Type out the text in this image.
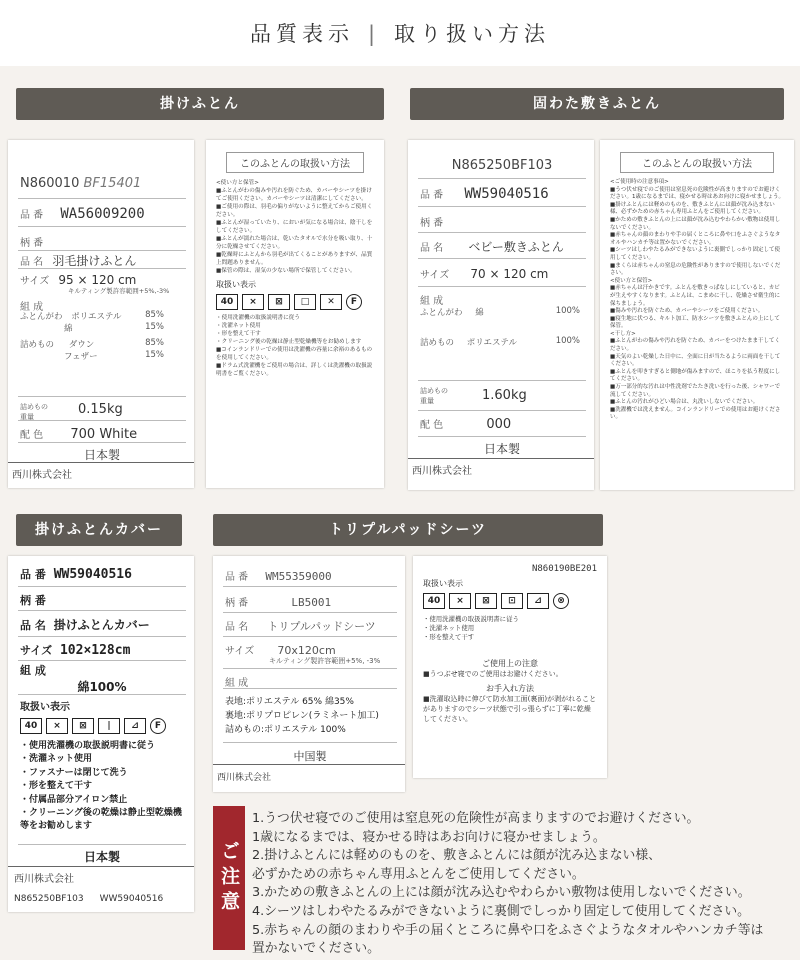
品質表示 | 取り扱い方法
掛けふとん	固わた敷きふとん
掛けふとんカバー	トリプルパッドシーツ
N860010 BF15401
品 番 WA56009200
柄 番
品 名 羽毛掛けふとん
サイズ 95 × 120 cm
キルティング製許容範囲+5%,-3%
組 成
ふとんがわ ポリエステル	85%
綿	15%
詰めもの ダウン	85%
フェザー	15%
詰めもの重量	0.15kg
配 色 700 White
日本製
西川株式会社
このふとんの取扱い方法
<使い方と保管>
■ふとんがわの傷みや汚れを防ぐため、カバーやシーツを掛けてご使用ください。カバーやシーツは清潔にしてください。
■ご使用の際は、羽毛の偏りがないように整えてからご使用ください。
■ふとんが湿っていたり、においが気になる場合は、陰干しをしてください。
■ふとんが濡れた場合は、乾いたタオルで水分を吸い取り、十分に乾燥させてください。
■乾燥時にふとんから羽毛が出てくることがありますが、品質上問題ありません。
■保管の際は、湿気の少ない場所で保管してください。
取扱い表示
40	×	⊠	□	✕	F
・使用洗濯機の取扱説明書に従う
・洗濯ネット使用
・形を整えて干す
・クリーニング後の乾燥は静止型乾燥機等をお勧めします
■コインランドリーでの使用は洗濯機の容量に余裕のあるものを使用してください。
■ドラム式洗濯機をご使用の場合は、詳しくは洗濯機の取扱説明書をご覧ください。
N865250BF103
品 番 WW59040516
柄 番
品 名 ベビー敷きふとん
サイズ 70 × 120 cm
組 成
ふとんがわ 綿	100%
詰めもの ポリエステル	100%
詰めもの重量	1.60kg
配 色	000
日本製
西川株式会社
このふとんの取扱い方法
<ご使用時の注意事項>
■うつ伏せ寝でのご使用は窒息死の危険性が高まりますのでお避けください。1歳になるまでは、寝かせる時はあお向けに寝かせましょう。
■掛けふとんには軽めのものを、敷きふとんには顔が沈み込まない様、必ずかための赤ちゃん専用ふとんをご使用してください。
■かための敷きふとんの上には顔が沈み込むやわらかい敷物は使用しないでください。
■赤ちゃんの顔のまわりや手の届くところに鼻や口をふさぐようなタオルやハンカチ等は置かないでください。
■シーツはしわやたるみができないように裏側でしっかり固定して使用してください。
■まくらは赤ちゃんの窒息の危険性がありますので使用しないでください。
<使い方と保管>
■赤ちゃんは汗かきです。ふとんを敷きっぱなしにしていると、カビが生えやすくなります。ふとんは、こまめに干し、乾燥させ衛生的に保ちましょう。
■傷みや汚れを防ぐため、カバーやシーツをご使用ください。
■寝生地に伏つる、キルト加工、防水シーツを敷きふとんの上にして保管。
<干し方>
■ふとんがわの傷みや汚れを防ぐため、カバーをつけたまま干してください。
■天気のよい乾燥した日中に、全面に日が当たるように両面を干してください。
■ふとんを叩きすぎると側地が傷みますので、ほこりを払う程度にしてください。
■万一部分的な汚れは中性洗剤でたたき洗いを行った後、シャワーで流してください。
■ふとんの汚れがひどい場合は、丸洗いしないでください。
■洗濯機では洗えません。コインランドリーでの使用はお避けください。
品 番 WW59040516
柄 番
品 名 掛けふとんカバー
サイズ 102×128cm
組 成
綿100%
取扱い表示
40	×	⊠	|	⊿	F
・使用洗濯機の取扱説明書に従う
・洗濯ネット使用
・ファスナーは閉じて洗う
・形を整えて干す
・付属品部分アイロン禁止
・クリーニング後の乾燥は静止型乾燥機等をお勧めします
日本製
西川株式会社
N865250BF103 WW59040516
品 番 WM55359000
柄 番	LB5001
品 名 トリプルパッドシーツ
サイズ 70x120cm
キルティング製許容範囲+5%, -3%
組 成
表地:ポリエステル 65% 綿35%
裏地:ポリプロピレン(ラミネート加工)
詰めもの:ポリエステル 100%
中国製
西川株式会社
N860190BE201
取扱い表示
40	×	⊠	⊡	⊿	⊗
・使用洗濯機の取扱説明書に従う
・洗濯ネット使用
・形を整えて干す
ご使用上の注意
■うつぶせ寝でのご使用はお避けください。
お手入れ方法
■洗濯取込時に伸びて防水加工面(裏面)が剥がれることがありますのでシーツ状態で引っ張らずに丁寧に乾燥してください。
ご注意
1.うつ伏せ寝でのご使用は窒息死の危険性が高まりますのでお避けください。
1歳になるまでは、寝かせる時はあお向けに寝かせましょう。
2.掛けふとんには軽めのものを、敷きふとんには顔が沈み込まない様、
必ずかための赤ちゃん専用ふとんをご使用してください。
3.かための敷きふとんの上には顔が沈み込むやわらかい敷物は使用しないでください。
4.シーツはしわやたるみができないように裏側でしっかり固定して使用してください。
5.赤ちゃんの顔のまわりや手の届くところに鼻や口をふさぐようなタオルやハンカチ等は
置かないでください。
